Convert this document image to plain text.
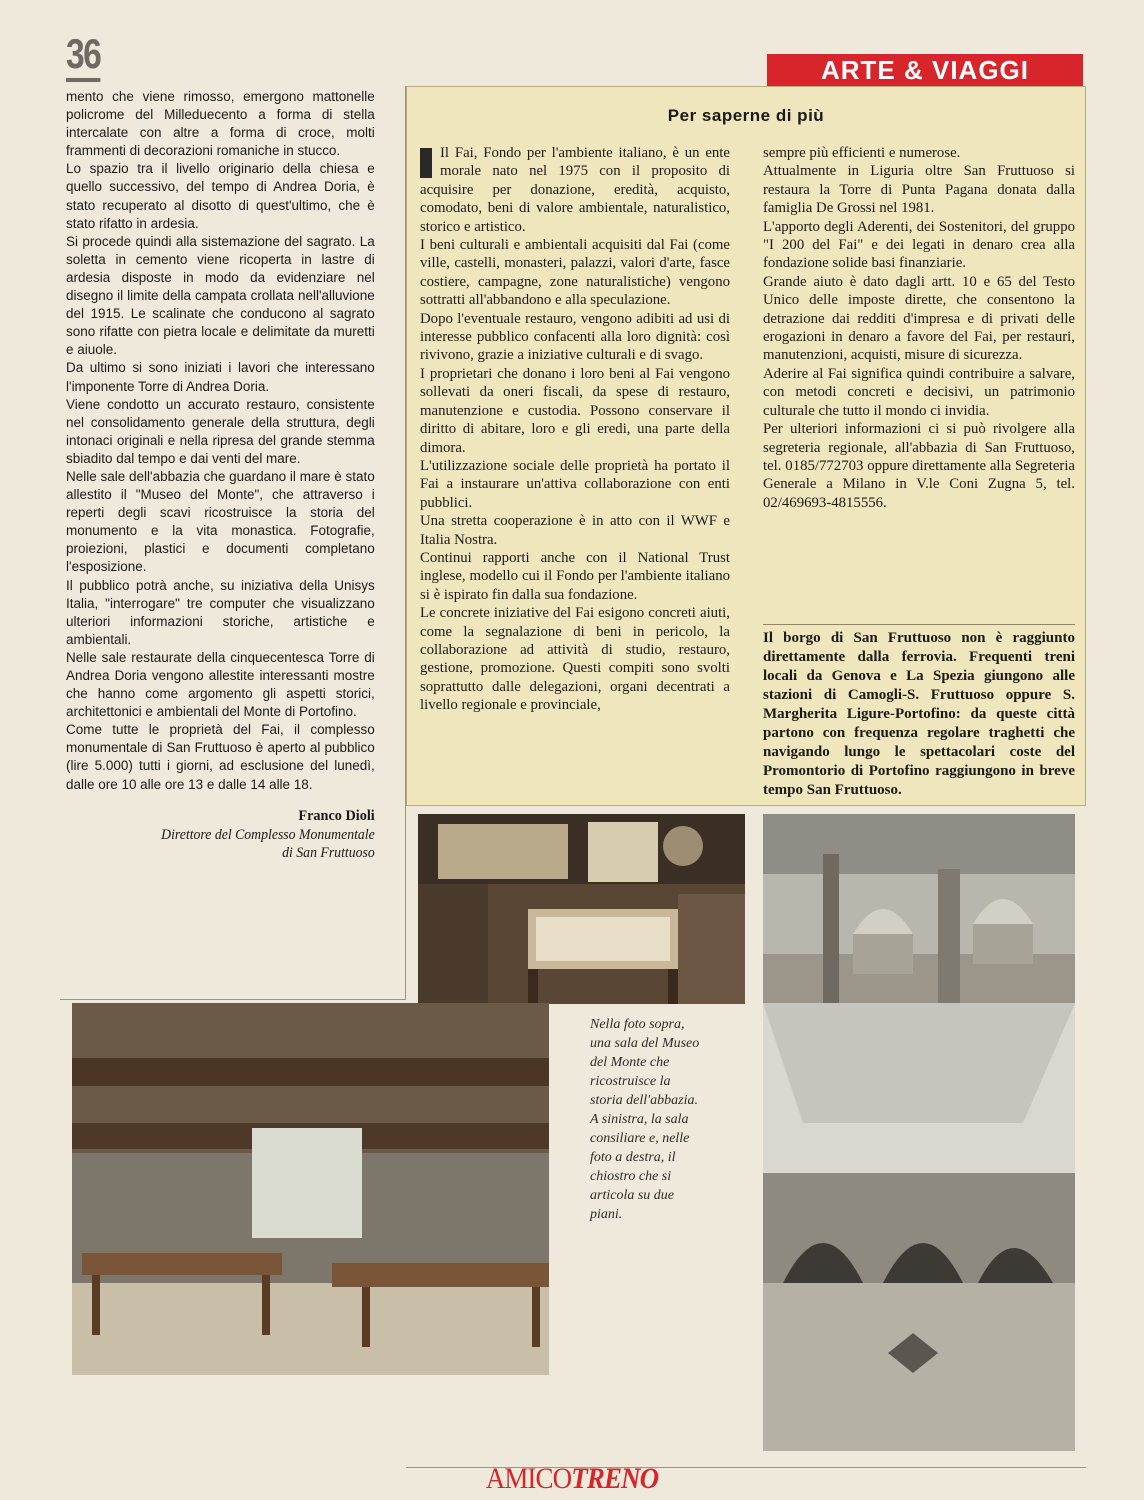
36	ARTE & VIAGGI

mento che viene rimosso, emergono mattonelle policrome del Milleduecento a forma di stella intercalate con altre a forma di croce, molti frammenti di decorazioni romaniche in stucco.

Lo spazio tra il livello originario della chiesa e quello successivo, del tempo di Andrea Doria, è stato recuperato al disotto di quest'ultimo, che è stato rifatto in ardesia.

Si procede quindi alla sistemazione del sagrato. La soletta in cemento viene ricoperta in lastre di ardesia disposte in modo da evidenziare nel disegno il limite della campata crollata nell'alluvione del 1915. Le scalinate che conducono al sagrato sono rifatte con pietra locale e delimitate da muretti e aiuole.

Da ultimo si sono iniziati i lavori che interessano l'imponente Torre di Andrea Doria.

Viene condotto un accurato restauro, consistente nel consolidamento generale della struttura, degli intonaci originali e nella ripresa del grande stemma sbiadito dal tempo e dai venti del mare.

Nelle sale dell'abbazia che guardano il mare è stato allestito il "Museo del Monte", che attraverso i reperti degli scavi ricostruisce la storia del monumento e la vita monastica. Fotografie, proiezioni, plastici e documenti completano l'esposizione.

Il pubblico potrà anche, su iniziativa della Unisys Italia, "interrogare" tre computer che visualizzano ulteriori informazioni storiche, artistiche e ambientali.

Nelle sale restaurate della cinquecentesca Torre di Andrea Doria vengono allestite interessanti mostre che hanno come argomento gli aspetti storici, architettonici e ambientali del Monte di Portofino.

Come tutte le proprietà del Fai, il complesso monumentale di San Fruttuoso è aperto al pubblico (lire 5.000) tutti i giorni, ad esclusione del lunedì, dalle ore 10 alle ore 13 e dalle 14 alle 18.

Franco Dioli
Direttore del Complesso Monumentale
di San Fruttuoso
Per saperne di più

Il Fai, Fondo per l'ambiente italiano, è un ente morale nato nel 1975 con il proposito di acquisire per donazione, eredità, acquisto, comodato, beni di valore ambientale, naturalistico, storico e artistico.

I beni culturali e ambientali acquisiti dal Fai (come ville, castelli, monasteri, palazzi, valori d'arte, fasce costiere, campagne, zone naturalistiche) vengono sottratti all'abbandono e alla speculazione.

Dopo l'eventuale restauro, vengono adibiti ad usi di interesse pubblico confacenti alla loro dignità: così rivivono, grazie a iniziative culturali e di svago.

I proprietari che donano i loro beni al Fai vengono sollevati da oneri fiscali, da spese di restauro, manutenzione e custodia. Possono conservare il diritto di abitare, loro e gli eredi, una parte della dimora.

L'utilizzazione sociale delle proprietà ha portato il Fai a instaurare un'attiva collaborazione con enti pubblici.

Una stretta cooperazione è in atto con il WWF e Italia Nostra.

Continui rapporti anche con il National Trust inglese, modello cui il Fondo per l'ambiente italiano si è ispirato fin dalla sua fondazione.

Le concrete iniziative del Fai esigono concreti aiuti, come la segnalazione di beni in pericolo, la collaborazione ad attività di studio, restauro, gestione, promozione. Questi compiti sono svolti soprattutto dalle delegazioni, organi decentrati a livello regionale e provinciale,

sempre più efficienti e numerose.

Attualmente in Liguria oltre San Fruttuoso si restaura la Torre di Punta Pagana donata dalla famiglia De Grossi nel 1981.

L'apporto degli Aderenti, dei Sostenitori, del gruppo "I 200 del Fai" e dei legati in denaro crea alla fondazione solide basi finanziarie.

Grande aiuto è dato dagli artt. 10 e 65 del Testo Unico delle imposte dirette, che consentono la detrazione dai redditi d'impresa e di privati delle erogazioni in denaro a favore del Fai, per restauri, manutenzioni, acquisti, misure di sicurezza.

Aderire al Fai significa quindi contribuire a salvare, con metodi concreti e decisivi, un patrimonio culturale che tutto il mondo ci invidia.

Per ulteriori informazioni ci si può rivolgere alla segreteria regionale, all'abbazia di San Fruttuoso, tel. 0185/772703 oppure direttamente alla Segreteria Generale a Milano in V.le Coni Zugna 5, tel. 02/469693-4815556.

Il borgo di San Fruttuoso non è raggiunto direttamente dalla ferrovia. Frequenti treni locali da Genova e La Spezia giungono alle stazioni di Camogli-S. Fruttuoso oppure S. Margherita Ligure-Portofino: da queste città partono con frequenza regolare traghetti che navigando lungo le spettacolari coste del Promontorio di Portofino raggiungono in breve tempo San Fruttuoso.
Nella foto sopra,
una sala del Museo
del Monte che
ricostruisce la
storia dell'abbazia.
A sinistra, la sala
consiliare e, nelle
foto a destra, il
chiostro che si
articola su due
piani.
AMICOTRENO
